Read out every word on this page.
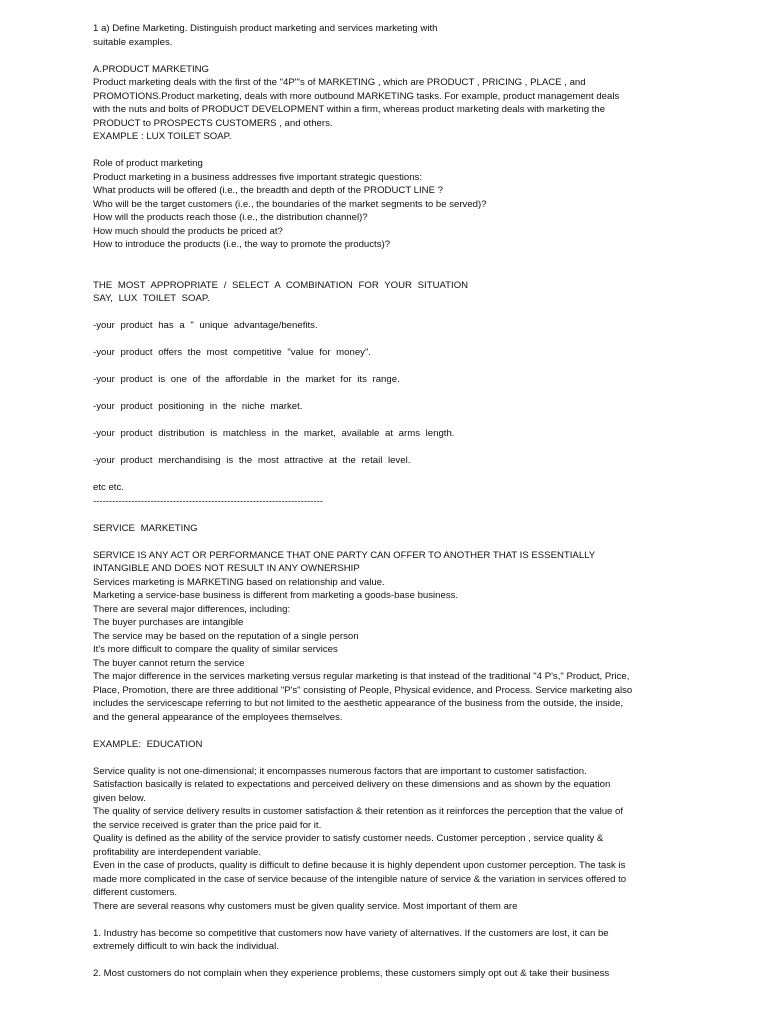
1 a) Define Marketing. Distinguish product marketing and services marketing with
suitable examples.
A.PRODUCT MARKETING
Product marketing deals with the first of the "4P"'s of MARKETING , which are PRODUCT , PRICING , PLACE , and
PROMOTIONS.Product marketing, deals with more outbound MARKETING tasks. For example, product management deals
with the nuts and bolts of PRODUCT DEVELOPMENT within a firm, whereas product marketing deals with marketing the
PRODUCT to PROSPECTS CUSTOMERS , and others.
EXAMPLE : LUX TOILET SOAP.
Role of product marketing
Product marketing in a business addresses five important strategic questions:
What products will be offered (i.e., the breadth and depth of the PRODUCT LINE ?
Who will be the target customers (i.e., the boundaries of the market segments to be served)?
How will the products reach those (i.e., the distribution channel)?
How much should the products be priced at?
How to introduce the products (i.e., the way to promote the products)?
THE MOST APPROPRIATE / SELECT A COMBINATION FOR YOUR SITUATION
SAY, LUX TOILET SOAP.
-your product has a " unique advantage/benefits.
-your product offers the most competitive "value for money".
-your product is one of the affordable in the market for its range.
-your product positioning in the niche market.
-your product distribution is matchless in the market, available at arms length.
-your product merchandising is the most attractive at the retail level.
etc etc.
------------------------------------------------------------------------
SERVICE MARKETING
SERVICE IS ANY ACT OR PERFORMANCE THAT ONE PARTY CAN OFFER TO ANOTHER THAT IS ESSENTIALLY
INTANGIBLE AND DOES NOT RESULT IN ANY OWNERSHIP
Services marketing is MARKETING based on relationship and value.
Marketing a service-base business is different from marketing a goods-base business.
There are several major differences, including:
The buyer purchases are intangible
The service may be based on the reputation of a single person
It's more difficult to compare the quality of similar services
The buyer cannot return the service
The major difference in the services marketing versus regular marketing is that instead of the traditional "4 P's," Product, Price,
Place, Promotion, there are three additional "P's" consisting of People, Physical evidence, and Process. Service marketing also
includes the servicescape referring to but not limited to the aesthetic appearance of the business from the outside, the inside,
and the general appearance of the employees themselves.
EXAMPLE: EDUCATION
Service quality is not one-dimensional; it encompasses numerous factors that are important to customer satisfaction.
Satisfaction basically is related to expectations and perceived delivery on these dimensions and as shown by the equation
given below.
The quality of service delivery results in customer satisfaction & their retention as it reinforces the perception that the value of
the service received is grater than the price paid for it.
Quality is defined as the ability of the service provider to satisfy customer needs. Customer perception , service quality &
profitability are interdependent variable.
Even in the case of products, quality is difficult to define because it is highly dependent upon customer perception. The task is
made more complicated in the case of service because of the intengible nature of service & the variation in services offered to
different customers.
There are several reasons why customers must be given quality service. Most important of them are
1. Industry has become so competitive that customers now have variety of alternatives. If the customers are lost, it can be
extremely difficult to win back the individual.
2. Most customers do not complain when they experience problems, these customers simply opt out & take their business
